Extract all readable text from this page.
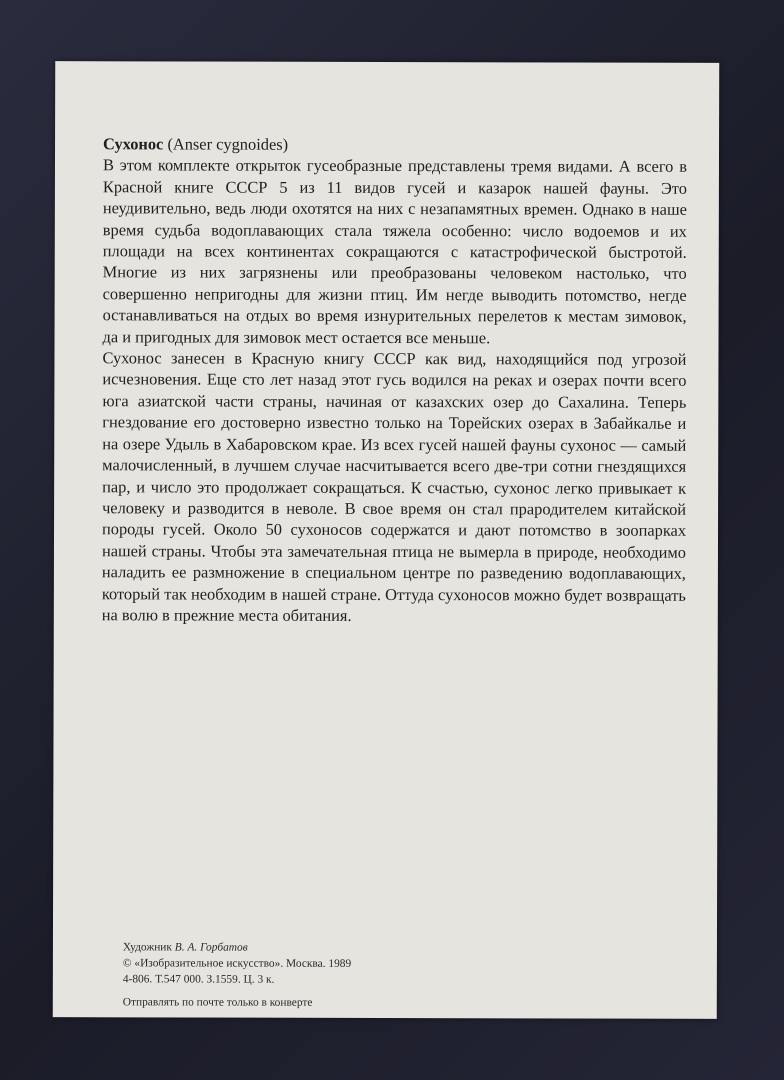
Сухонос (Anser cygnoides)

В этом комплекте открыток гусеобразные представлены тремя видами. А всего в Красной книге СССР 5 из 11 видов гусей и казарок нашей фауны. Это неудивительно, ведь люди охотятся на них с незапамятных времен. Однако в наше время судьба водоплавающих стала тяжела особенно: число водоемов и их площади на всех континентах сокращаются с катастрофической быстротой. Многие из них загрязнены или преобразованы человеком настолько, что совершенно непригодны для жизни птиц. Им негде выводить потомство, негде останавливаться на отдых во время изнурительных перелетов к местам зимовок, да и пригодных для зимовок мест остается все меньше.

Сухонос занесен в Красную книгу СССР как вид, находящийся под угрозой исчезновения. Еще сто лет назад этот гусь водился на реках и озерах почти всего юга азиатской части страны, начиная от казахских озер до Сахалина. Теперь гнездование его достоверно известно только на Торейских озерах в Забайкалье и на озере Удыль в Хабаровском крае. Из всех гусей нашей фауны сухонос — самый малочисленный, в лучшем случае насчитывается всего две-три сотни гнездящихся пар, и число это продолжает сокращаться. К счастью, сухонос легко привыкает к человеку и разводится в неволе. В свое время он стал прародителем китайской породы гусей. Около 50 сухоносов содержатся и дают потомство в зоопарках нашей страны. Чтобы эта замечательная птица не вымерла в природе, необходимо наладить ее размножение в специальном центре по разведению водоплавающих, который так необходим в нашей стране. Оттуда сухоносов можно будет возвращать на волю в прежние места обитания.

Художник В. А. Горбатов

© «Изобразительное искусство». Москва. 1989

4-806. Т.547 000. З.1559. Ц. 3 к.

Отправлять по почте только в конверте
